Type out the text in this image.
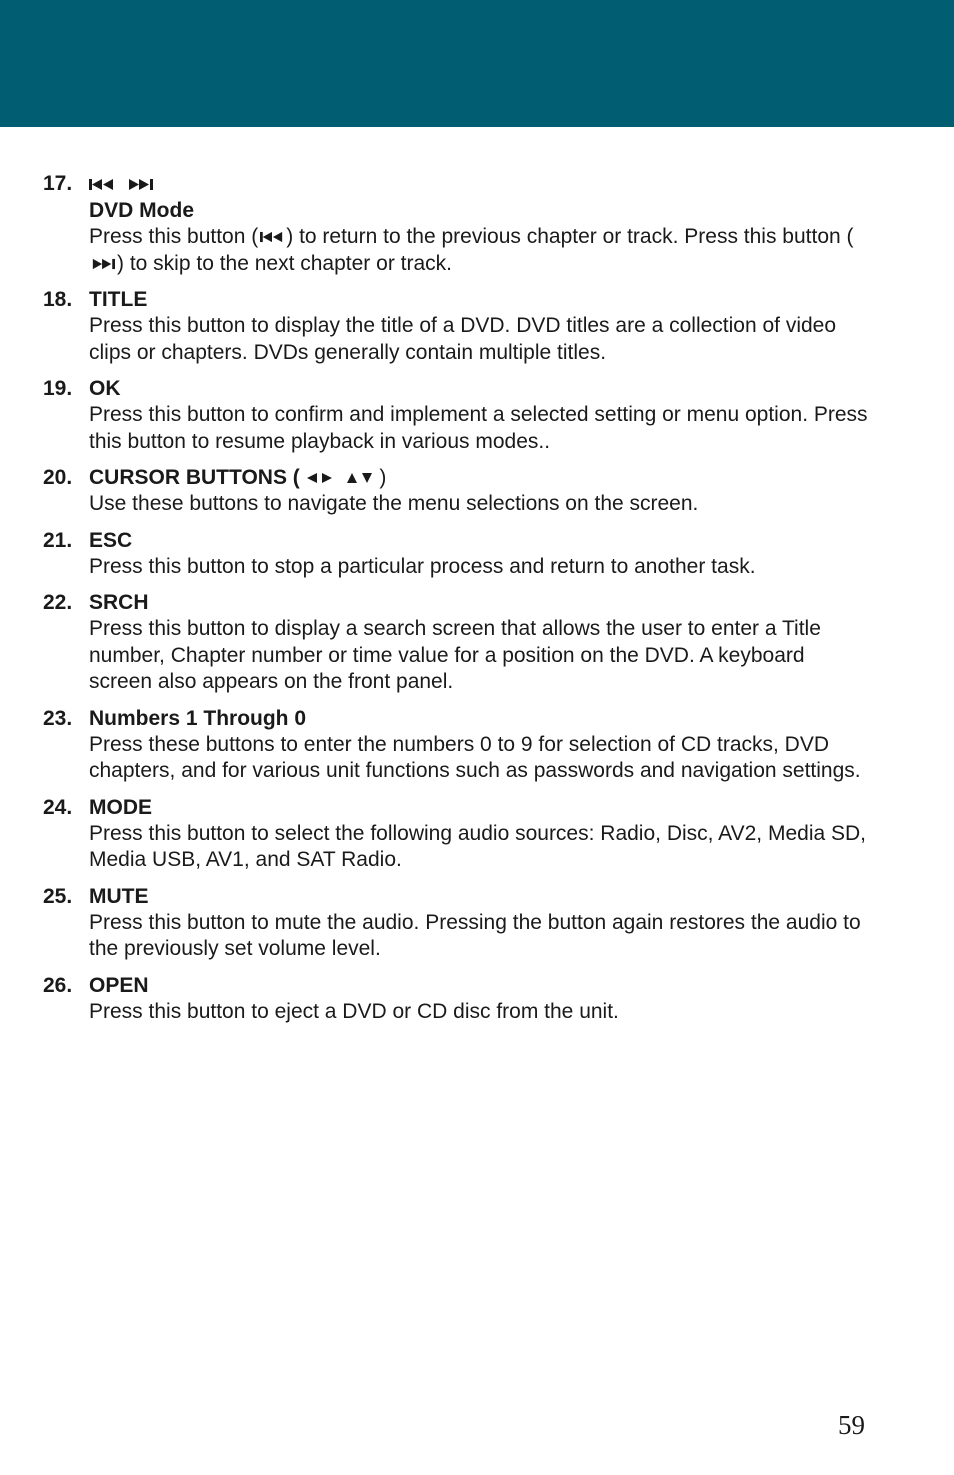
17.

DVD Mode
Press this button ( ) to return to the previous chapter or track. Press this button (
) to skip to the next chapter or track.
18. TITLE
Press this button to display the title of a DVD. DVD titles are a collection of video clips or chapters. DVDs generally contain multiple titles.
19. OK
Press this button to confirm and implement a selected setting or menu option. Press this button to resume playback in various modes..
20. CURSOR BUTTONS (
	)
Use these buttons to navigate the menu selections on the screen.
21. ESC
Press this button to stop a particular process and return to another task.
22. SRCH
Press this button to display a search screen that allows the user to enter a Title number, Chapter number or time value for a position on the DVD. A keyboard screen also appears on the front panel.
23. Numbers 1 Through 0
Press these buttons to enter the numbers 0 to 9 for selection of CD tracks, DVD chapters, and for various unit functions such as passwords and navigation settings.
24. MODE
Press this button to select the following audio sources: Radio, Disc, AV2, Media SD, Media USB, AV1, and SAT Radio.
25. MUTE
Press this button to mute the audio. Pressing the button again restores the audio to the previously set volume level.
26. OPEN
Press this button to eject a DVD or CD disc from the unit.
59
